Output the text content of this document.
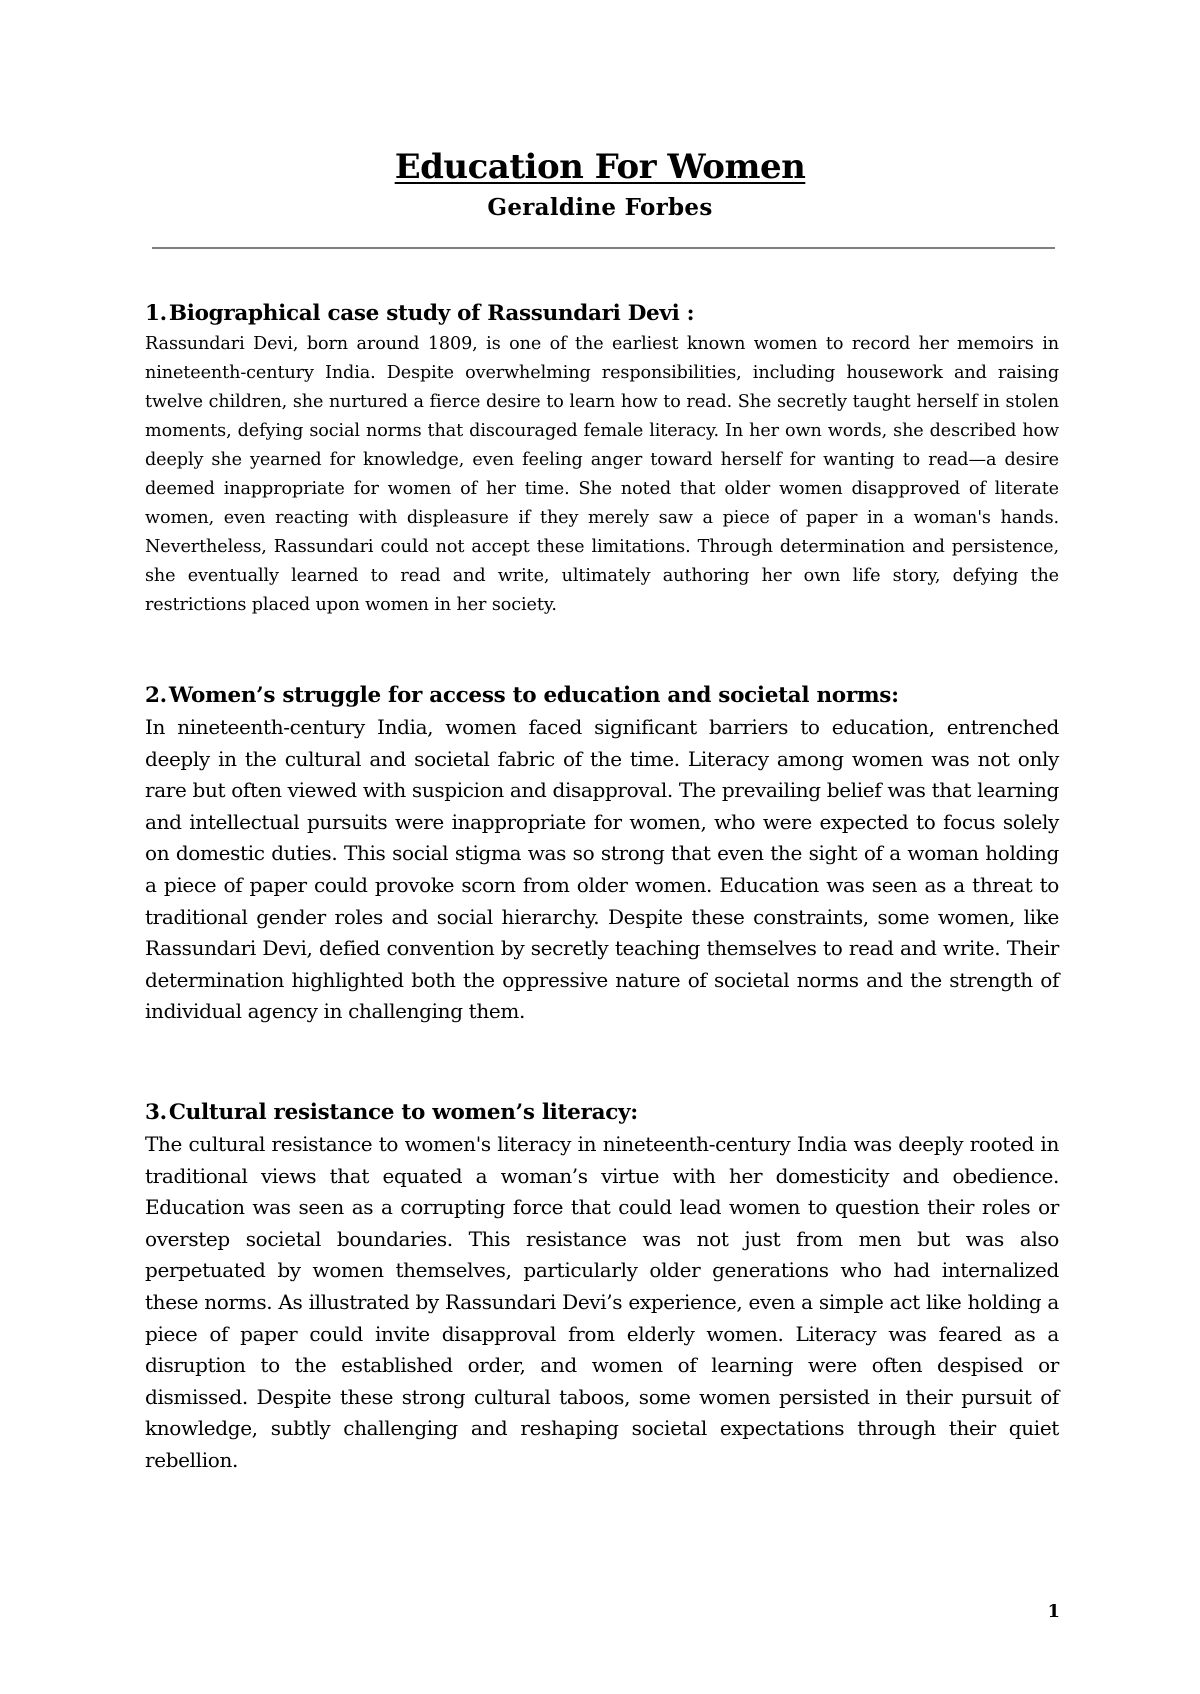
Education For Women
Geraldine Forbes
1.Biographical case study of Rassundari Devi :

Rassundari Devi, born around 1809, is one of the earliest known women to record her memoirs in nineteenth-century India. Despite overwhelming responsibilities, including housework and raising twelve children, she nurtured a fierce desire to learn how to read. She secretly taught herself in stolen moments, defying social norms that discouraged female literacy. In her own words, she described how deeply she yearned for knowledge, even feeling anger toward herself for wanting to read—a desire deemed inappropriate for women of her time. She noted that older women disapproved of literate women, even reacting with displeasure if they merely saw a piece of paper in a woman's hands. Nevertheless, Rassundari could not accept these limitations. Through determination and persistence, she eventually learned to read and write, ultimately authoring her own life story, defying the restrictions placed upon women in her society.

2.Women’s struggle for access to education and societal norms:

In nineteenth-century India, women faced significant barriers to education, entrenched deeply in the cultural and societal fabric of the time. Literacy among women was not only rare but often viewed with suspicion and disapproval. The prevailing belief was that learning and intellectual pursuits were inappropriate for women, who were expected to focus solely on domestic duties. This social stigma was so strong that even the sight of a woman holding a piece of paper could provoke scorn from older women. Education was seen as a threat to traditional gender roles and social hierarchy. Despite these constraints, some women, like Rassundari Devi, defied convention by secretly teaching themselves to read and write. Their determination highlighted both the oppressive nature of societal norms and the strength of individual agency in challenging them.

3.Cultural resistance to women’s literacy:

The cultural resistance to women's literacy in nineteenth-century India was deeply rooted in traditional views that equated a woman’s virtue with her domesticity and obedience. Education was seen as a corrupting force that could lead women to question their roles or overstep societal boundaries. This resistance was not just from men but was also perpetuated by women themselves, particularly older generations who had internalized these norms. As illustrated by Rassundari Devi’s experience, even a simple act like holding a piece of paper could invite disapproval from elderly women. Literacy was feared as a disruption to the established order, and women of learning were often despised or dismissed. Despite these strong cultural taboos, some women persisted in their pursuit of knowledge, subtly challenging and reshaping societal expectations through their quiet rebellion.

1
